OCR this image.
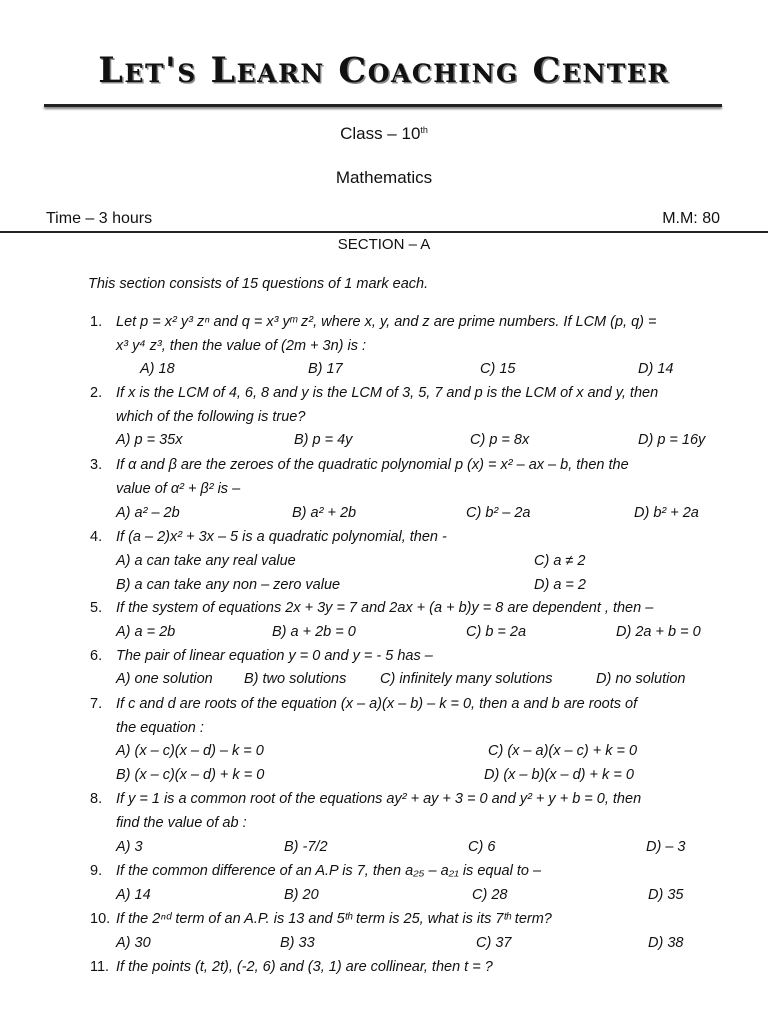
Let's Learn Coaching Center
Class – 10th
Mathematics
Time – 3 hours	M.M: 80
SECTION – A
This section consists of 15 questions of 1 mark each.
1. Let p = x² y³ zⁿ and q = x³ yᵐ z², where x, y, and z are prime numbers. If LCM (p, q) =
x³ y⁴ z³, then the value of (2m + 3n) is :
A) 18	B) 17	C) 15	D) 14
2. If x is the LCM of 4, 6, 8 and y is the LCM of 3, 5, 7 and p is the LCM of x and y, then
which of the following is true?
A) p = 35x	B) p = 4y	C) p = 8x	D) p = 16y
3. If α and β are the zeroes of the quadratic polynomial p (x) = x² – ax – b, then the
value of α² + β² is –
A) a² – 2b	B) a² + 2b	C) b² – 2a	D) b² + 2a
4. If (a – 2)x² + 3x – 5 is a quadratic polynomial, then -
A) a can take any real value	C) a ≠ 2
B) a can take any non – zero value	D) a = 2
5. If the system of equations 2x + 3y = 7 and 2ax + (a + b)y = 8 are dependent , then –
A) a = 2b	B) a + 2b = 0	C) b = 2a	D) 2a + b = 0
6. The pair of linear equation y = 0 and y = - 5 has –
A) one solution B) two solutions C) infinitely many solutions	D) no solution
7. If c and d are roots of the equation (x – a)(x – b) – k = 0, then a and b are roots of
the equation :
A) (x – c)(x – d) – k = 0	C) (x – a)(x – c) + k = 0
B) (x – c)(x – d) + k = 0	D) (x – b)(x – d) + k = 0
8. If y = 1 is a common root of the equations ay² + ay + 3 = 0 and y² + y + b = 0, then
find the value of ab :
A) 3	B) -7/2	C) 6	D) – 3
9. If the common difference of an A.P is 7, then a₂₅ – a₂₁ is equal to –
A) 14	B) 20	C) 28	D) 35
10. If the 2ⁿᵈ term of an A.P. is 13 and 5ᵗʰ term is 25, what is its 7ᵗʰ term?
A) 30	B) 33	C) 37	D) 38
11. If the points (t, 2t), (-2, 6) and (3, 1) are collinear, then t = ?
